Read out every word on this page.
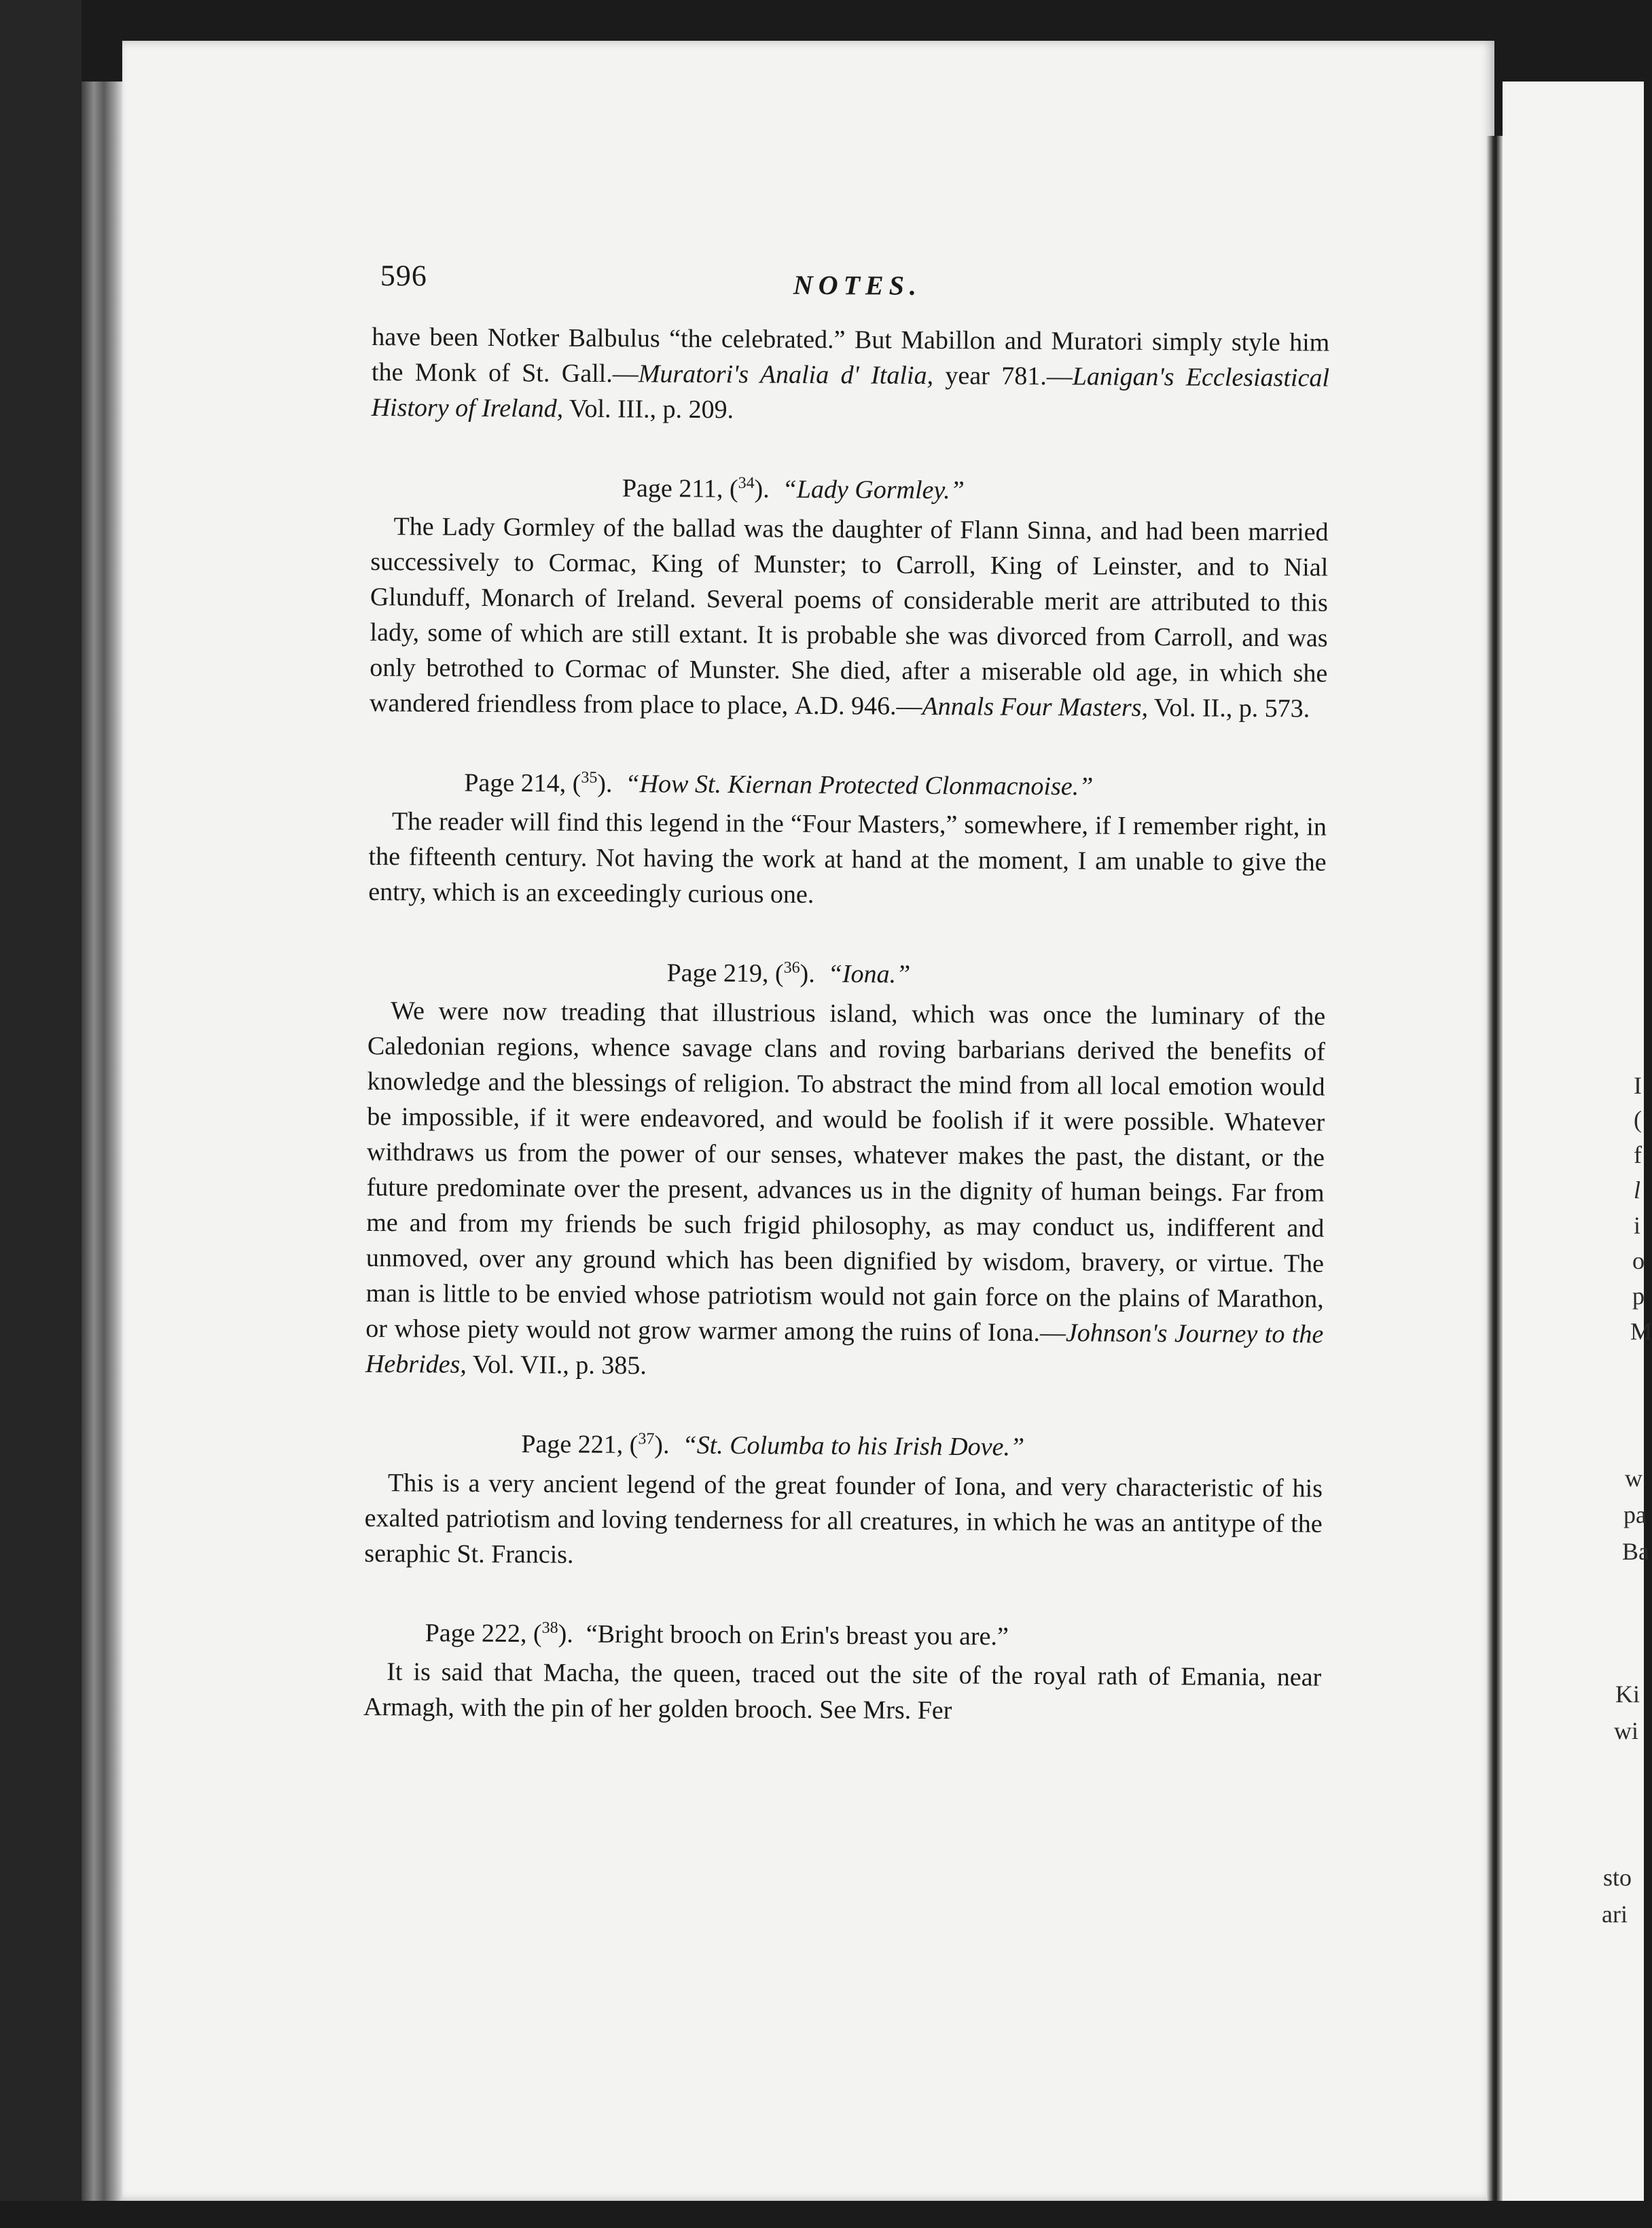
596	NOTES.

have been Notker Balbulus “the celebrated.” But Mabillon and Muratori simply style him the Monk of St. Gall.—Muratori's Analia d' Italia, year 781.—Lanigan's Ecclesiastical History of Ireland, Vol. III., p. 209.

Page 211, ($^{34}$).  “Lady Gormley.”

The Lady Gormley of the ballad was the daughter of Flann Sinna, and had been married successively to Cormac, King of Munster; to Carroll, King of Leinster, and to Nial Glunduff, Monarch of Ireland. Several poems of considerable merit are attributed to this lady, some of which are still extant. It is probable she was divorced from Carroll, and was only betrothed to Cormac of Munster. She died, after a miserable old age, in which she wandered friendless from place to place, A.D. 946.—Annals Four Masters, Vol. II., p. 573.

Page 214, ($^{35}$).  “How St. Kiernan Protected Clonmacnoise.”

The reader will find this legend in the “Four Masters,” somewhere, if I remember right, in the fifteenth century. Not having the work at hand at the moment, I am unable to give the entry, which is an exceedingly curious one.

Page 219, ($^{36}$).  “Iona.”

We were now treading that illustrious island, which was once the luminary of the Caledonian regions, whence savage clans and roving barbarians derived the benefits of knowledge and the blessings of religion. To abstract the mind from all local emotion would be impossible, if it were endeavored, and would be foolish if it were possible. Whatever withdraws us from the power of our senses, whatever makes the past, the distant, or the future predominate over the present, advances us in the dignity of human beings. Far from me and from my friends be such frigid philosophy, as may conduct us, indifferent and unmoved, over any ground which has been dignified by wisdom, bravery, or virtue. The man is little to be envied whose patriotism would not gain force on the plains of Marathon, or whose piety would not grow warmer among the ruins of Iona.—Johnson's Journey to the Hebrides, Vol. VII., p. 385.

Page 221, ($^{37}$).  “St. Columba to his Irish Dove.”

This is a very ancient legend of the great founder of Iona, and very characteristic of his exalted patriotism and loving tenderness for all creatures, in which he was an antitype of the seraphic St. Francis.

Page 222, ($^{38}$).  “Bright brooch on Erin's breast you are.”

It is said that Macha, the queen, traced out the site of the royal rath of Emania, near Armagh, with the pin of her golden brooch. See Mrs. Fer

I
(
f
l
i
o
p
M
w
pa
Ba
Ki
wi
sto
ari
